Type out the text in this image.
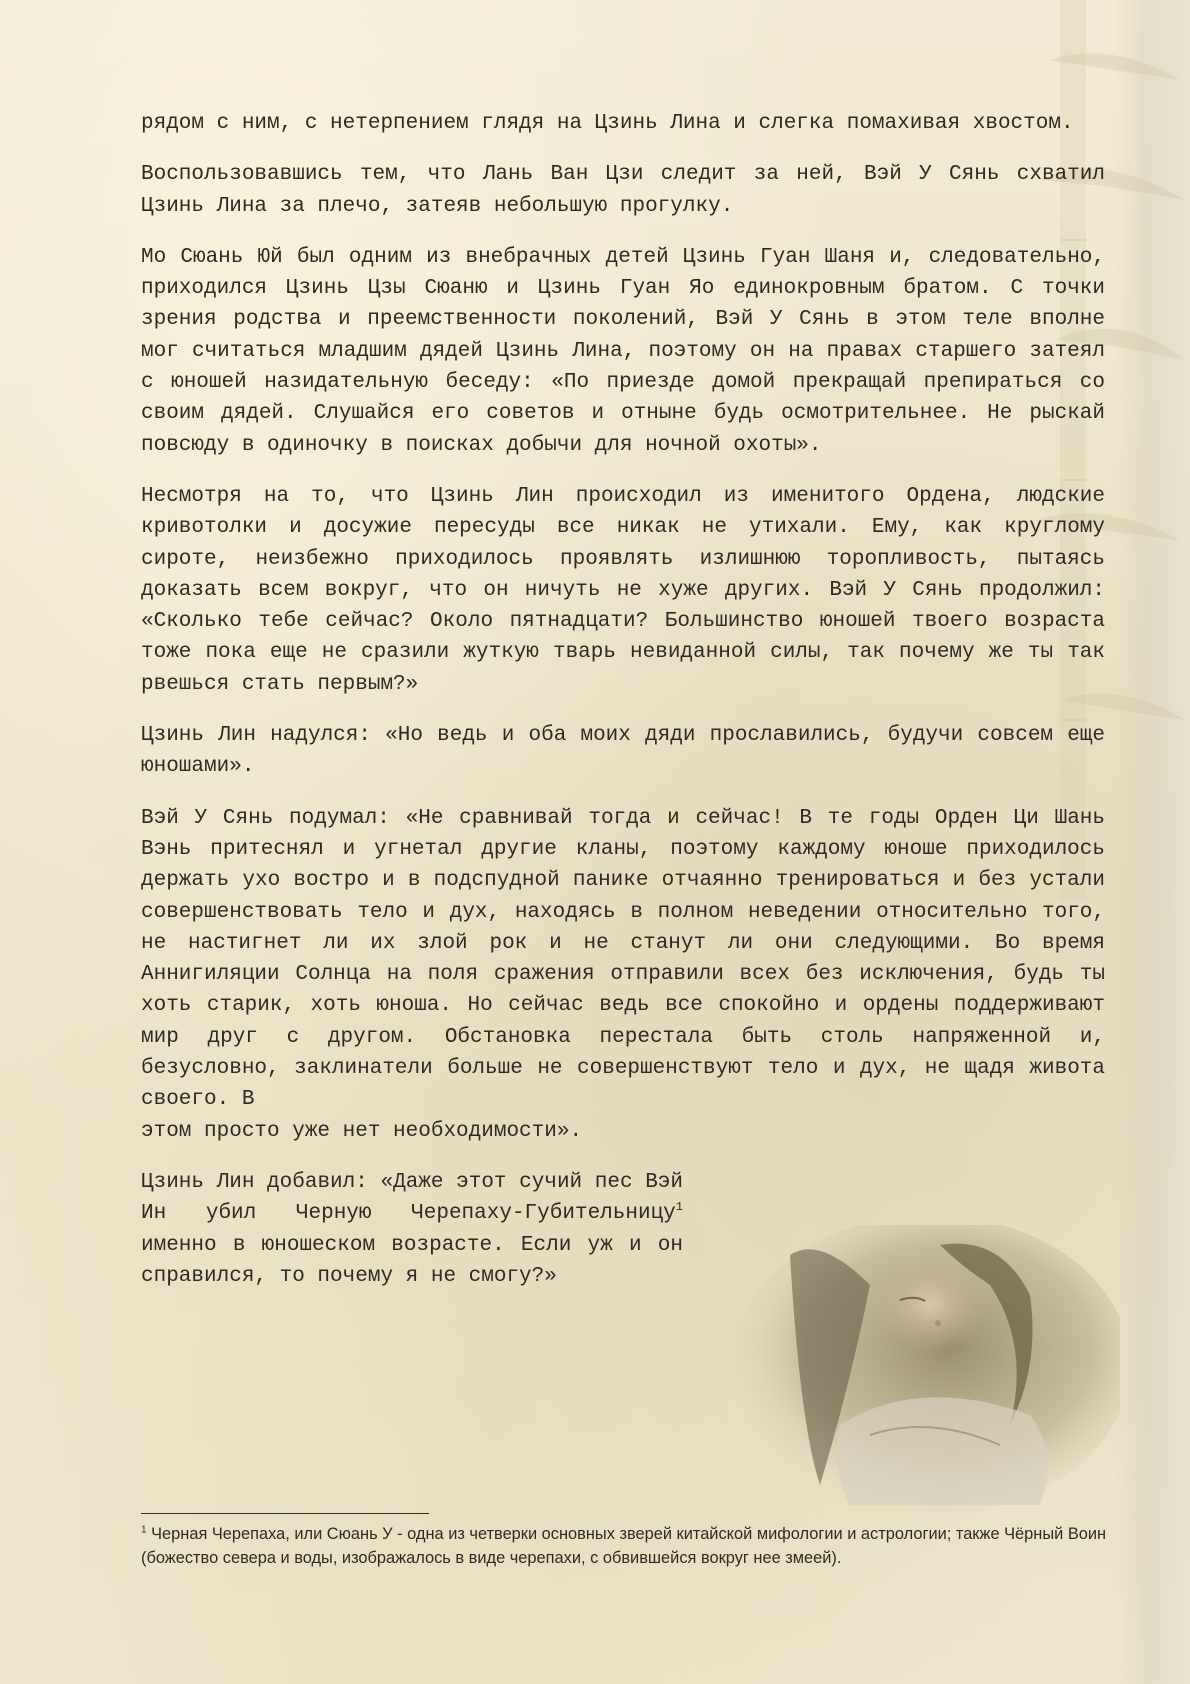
рядом с ним, с нетерпением глядя на Цзинь Лина и слегка помахивая хвостом.

Воспользовавшись тем, что Лань Ван Цзи следит за ней, Вэй У Сянь схватил Цзинь Лина за плечо, затеяв небольшую прогулку.

Мо Сюань Юй был одним из внебрачных детей Цзинь Гуан Шаня и, следовательно, приходился Цзинь Цзы Сюаню и Цзинь Гуан Яо единокровным братом. С точки зрения родства и преемственности поколений, Вэй У Сянь в этом теле вполне мог считаться младшим дядей Цзинь Лина, поэтому он на правах старшего затеял с юношей назидательную беседу: «По приезде домой прекращай препираться со своим дядей. Слушайся его советов и отныне будь осмотрительнее. Не рыскай повсюду в одиночку в поисках добычи для ночной охоты».

Несмотря на то, что Цзинь Лин происходил из именитого Ордена, людские кривотолки и досужие пересуды все никак не утихали. Ему, как круглому сироте, неизбежно приходилось проявлять излишнюю торопливость, пытаясь доказать всем вокруг, что он ничуть не хуже других. Вэй У Сянь продолжил: «Сколько тебе сейчас? Около пятнадцати? Большинство юношей твоего возраста тоже пока еще не сразили жуткую тварь невиданной силы, так почему же ты так рвешься стать первым?»

Цзинь Лин надулся: «Но ведь и оба моих дяди прославились, будучи совсем еще юношами».

Вэй У Сянь подумал: «Не сравнивай тогда и сейчас! В те годы Орден Ци Шань Вэнь притеснял и угнетал другие кланы, поэтому каждому юноше приходилось держать ухо востро и в подспудной панике отчаянно тренироваться и без устали совершенствовать тело и дух, находясь в полном неведении относительно того, не настигнет ли их злой рок и не станут ли они следующими. Во время Аннигиляции Солнца на поля сражения отправили всех без исключения, будь ты хоть старик, хоть юноша. Но сейчас ведь все спокойно и ордены поддерживают мир друг с другом. Обстановка перестала быть столь напряженной и, безусловно, заклинатели больше не совершенствуют тело и дух, не щадя живота своего. В

этом просто уже нет необходимости».

Цзинь Лин добавил: «Даже этот сучий пес Вэй Ин убил Черную Черепаху-Губительницу$^1$ именно в юношеском возрасте. Если уж и он справился, то почему я не смогу?»

$^1$ Черная Черепаха, или Сюань У - одна из четверки основных зверей китайской мифологии и астрологии; также Чёрный Воин (божество севера и воды, изображалось в виде черепахи, с обвившейся вокруг нее змеей).
